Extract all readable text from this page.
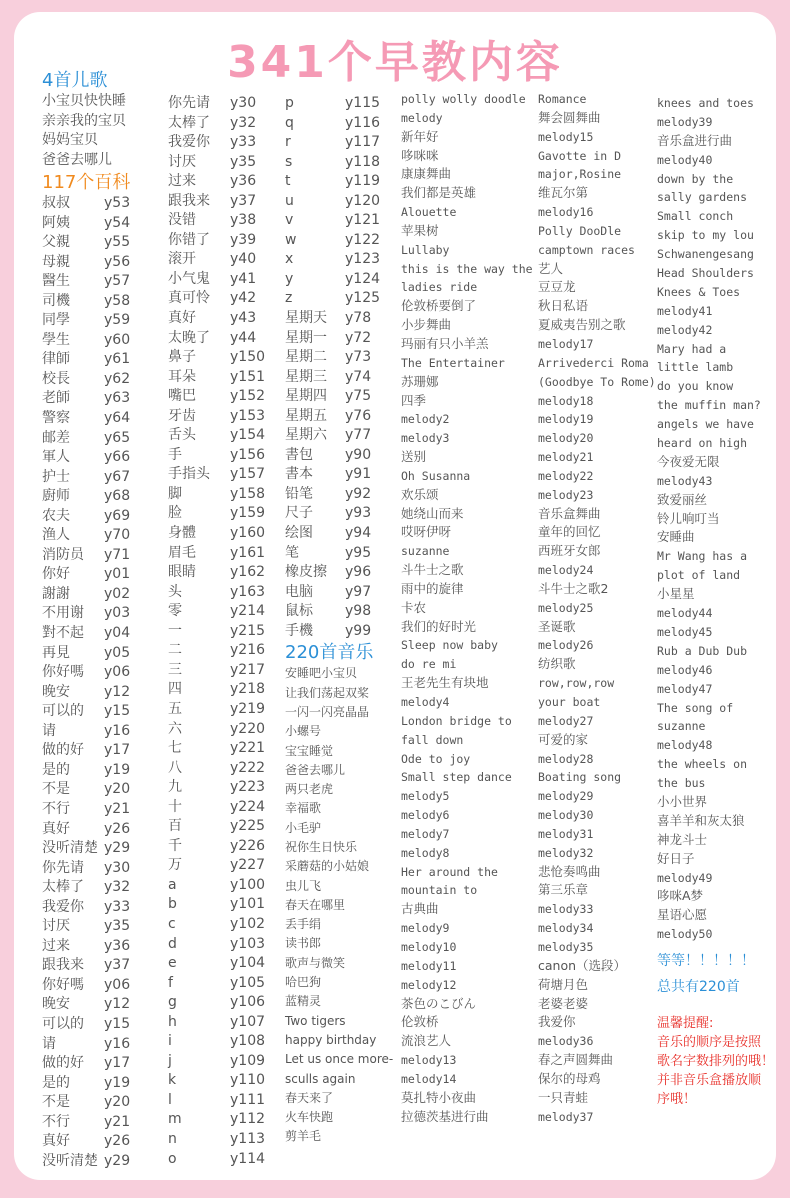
341个早教内容
4首儿歌
小宝贝快快睡
亲亲我的宝贝
妈妈宝贝
爸爸去哪儿
117个百科
叔叔 y53
阿姨 y54
父親 y55
母親 y56
醫生 y57
司機 y58
同學 y59
學生 y60
律師 y61
校長 y62
老師 y63
警察 y64
邮差 y65
軍人 y66
护士 y67
廚师 y68
农夫 y69
渔人 y70
消防员 y71
你好 y01
謝謝 y02
不用谢 y03
對不起 y04
再見 y05
你好嗎 y06
晚安 y12
可以的 y15
请	y16
做的好 y17
是的 y19
不是 y20
不行 y21
真好 y26
没听清楚 y29
你先请 y30
太棒了 y32
我爱你 y33
讨厌 y35
过来 y36
跟我来 y37
你好嗎 y06
晚安 y12
可以的 y15
请	y16
做的好 y17
是的 y19
不是 y20
不行 y21
真好 y26
没听清楚 y29
你先请 y30
太棒了 y32
我爱你 y33
讨厌 y35
过来 y36
跟我来 y37
没错 y38
你错了 y39
滚开 y40
小气鬼 y41
真可怜 y42
真好 y43
太晚了 y44
鼻子 y150
耳朵 y151
嘴巴 y152
牙齿 y153
舌头 y154
手	y156
手指头 y157
脚	y158
脸	y159
身體 y160
眉毛 y161
眼睛 y162
头	y163
零	y214
一	y215
二	y216
三	y217
四	y218
五	y219
六	y220
七	y221
八	y222
九	y223
十	y224
百	y225
千	y226
万	y227
a	y100
b	y101
c	y102
d	y103
e	y104
f	y105
g	y106
h	y107
i	y108
j	y109
k	y110
l	y111
m	y112
n	y113
o	y114
p	y115
q	y116
r	y117
s	y118
t	y119
u	y120
v	y121
w	y122
x	y123
y	y124
z	y125
星期天 y78
星期一 y72
星期二 y73
星期三 y74
星期四 y75
星期五 y76
星期六 y77
書包 y90
書本 y91
铅笔 y92
尺子 y93
绘图 y94
笔	y95
橡皮擦 y96
电脑 y97
鼠标 y98
手機 y99
220首音乐
安睡吧小宝贝
让我们荡起双桨
一闪一闪亮晶晶
小螺号
宝宝睡觉
爸爸去哪儿
两只老虎
幸福歌
小毛驴
祝你生日快乐
采蘑菇的小姑娘
虫儿飞
春天在哪里
丢手绢
读书郎
歌声与微笑
哈巴狗
蓝精灵
Two tigers
happy birthday
Let us once more-
sculls again
春天来了
火车快跑
剪羊毛
polly wolly doodle
melody
新年好
哆咪咪
康康舞曲
我们都是英雄
Alouette
苹果树
Lullaby
this is the way the
ladies ride
伦敦桥要倒了
小步舞曲
玛丽有只小羊羔
The Entertainer
苏珊娜
四季
melody2
melody3
送别
Oh Susanna
欢乐颂
她绕山而来
哎呀伊呀
suzanne
斗牛士之歌
雨中的旋律
卡农
我们的好时光
Sleep now baby
do re mi
王老先生有块地
melody4
London bridge to
fall down
Ode to joy
Small step dance
melody5
melody6
melody7
melody8
Her around the
mountain to
古典曲
melody9
melody10
melody11
melody12
茶色のこびん
伦敦桥
流浪艺人
melody13
melody14
莫扎特小夜曲
拉德茨基进行曲
Romance
舞会圆舞曲
melody15
Gavotte in D
major,Rosine
维瓦尔第
melody16
Polly DooDle
camptown races
艺人
豆豆龙
秋日私语
夏威夷告别之歌
melody17
Arrivederci Roma
(Goodbye To Rome)
melody18
melody19
melody20
melody21
melody22
melody23
音乐盒舞曲
童年的回忆
西班牙女郎
melody24
斗牛士之歌2
melody25
圣诞歌
melody26
纺织歌
row,row,row
your boat
melody27
可爱的家
melody28
Boating song
melody29
melody30
melody31
melody32
悲怆奏鸣曲
第三乐章
melody33
melody34
melody35
canon（选段）
荷塘月色
老婆老婆
我爱你
melody36
春之声圆舞曲
保尔的母鸡
一只青蛙
melody37
knees and toes
melody39
音乐盒进行曲
melody40
down by the
sally gardens
Small conch
skip to my lou
Schwanengesang
Head Shoulders
Knees & Toes
melody41
melody42
Mary had a
little lamb
do you know
the muffin man?
angels we have
heard on high
今夜爱无限
melody43
致爱丽丝
铃儿响叮当
安睡曲
Mr Wang has a
plot of land
小星星
melody44
melody45
Rub a Dub Dub
melody46
melody47
The song of
suzanne
melody48
the wheels on
the bus
小小世界
喜羊羊和灰太狼
神龙斗士
好日子
melody49
哆咪A梦
星语心愿
melody50
等等！！！！！
总共有220首
温馨提醒:
音乐的顺序是按照
歌名字数排列的哦！
并非音乐盒播放顺
序哦！
